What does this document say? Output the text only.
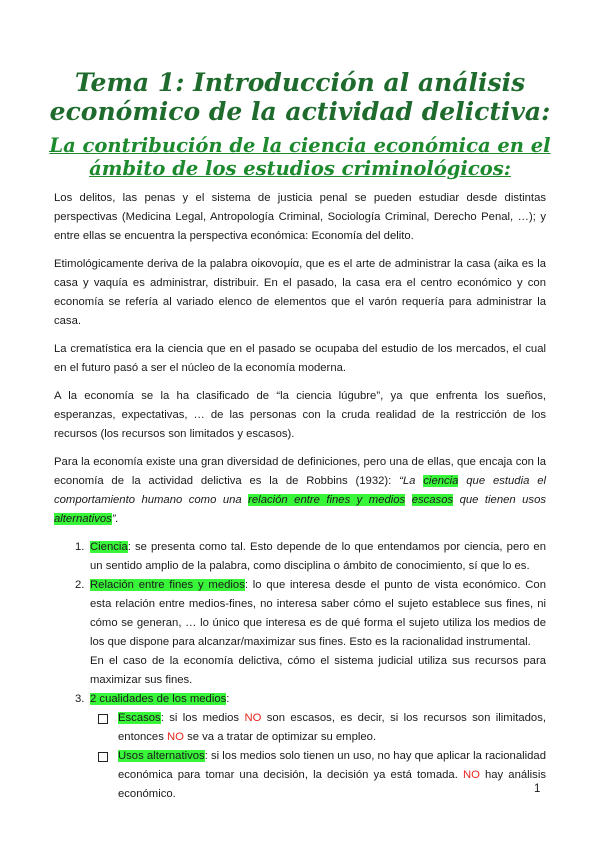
Tema 1: Introducción al análisis económico de la actividad delictiva:
La contribución de la ciencia económica en el ámbito de los estudios criminológicos:

Los delitos, las penas y el sistema de justicia penal se pueden estudiar desde distintas perspectivas (Medicina Legal, Antropología Criminal, Sociología Criminal, Derecho Penal, …); y entre ellas se encuentra la perspectiva económica: Economía del delito.

Etimológicamente deriva de la palabra οἰκονομία, que es el arte de administrar la casa (aika es la casa y vaquía es administrar, distribuir. En el pasado, la casa era el centro económico y con economía se refería al variado elenco de elementos que el varón requería para administrar la casa.

La crematística era la ciencia que en el pasado se ocupaba del estudio de los mercados, el cual en el futuro pasó a ser el núcleo de la economía moderna.

A la economía se la ha clasificado de “la ciencia lúgubre”, ya que enfrenta los sueños, esperanzas, expectativas, … de las personas con la cruda realidad de la restricción de los recursos (los recursos son limitados y escasos).

Para la economía existe una gran diversidad de definiciones, pero una de ellas, que encaja con la economía de la actividad delictiva es la de Robbins (1932): “La ciencia que estudia el comportamiento humano como una relación entre fines y medios escasos que tienen usos alternativos”.

1. Ciencia: se presenta como tal. Esto depende de lo que entendamos por ciencia, pero en un sentido amplio de la palabra, como disciplina o ámbito de conocimiento, sí que lo es.
2. Relación entre fines y medios: lo que interesa desde el punto de vista económico. Con esta relación entre medios-fines, no interesa saber cómo el sujeto establece sus fines, ni cómo se generan, … lo único que interesa es de qué forma el sujeto utiliza los medios de los que dispone para alcanzar/maximizar sus fines. Esto es la racionalidad instrumental.
En el caso de la economía delictiva, cómo el sistema judicial utiliza sus recursos para maximizar sus fines.
3. 2 cualidades de los medios:
Escasos: si los medios NO son escasos, es decir, si los recursos son ilimitados, entonces NO se va a tratar de optimizar su empleo.
Usos alternativos: si los medios solo tienen un uso, no hay que aplicar la racionalidad económica para tomar una decisión, la decisión ya está tomada. NO hay análisis económico.	1
